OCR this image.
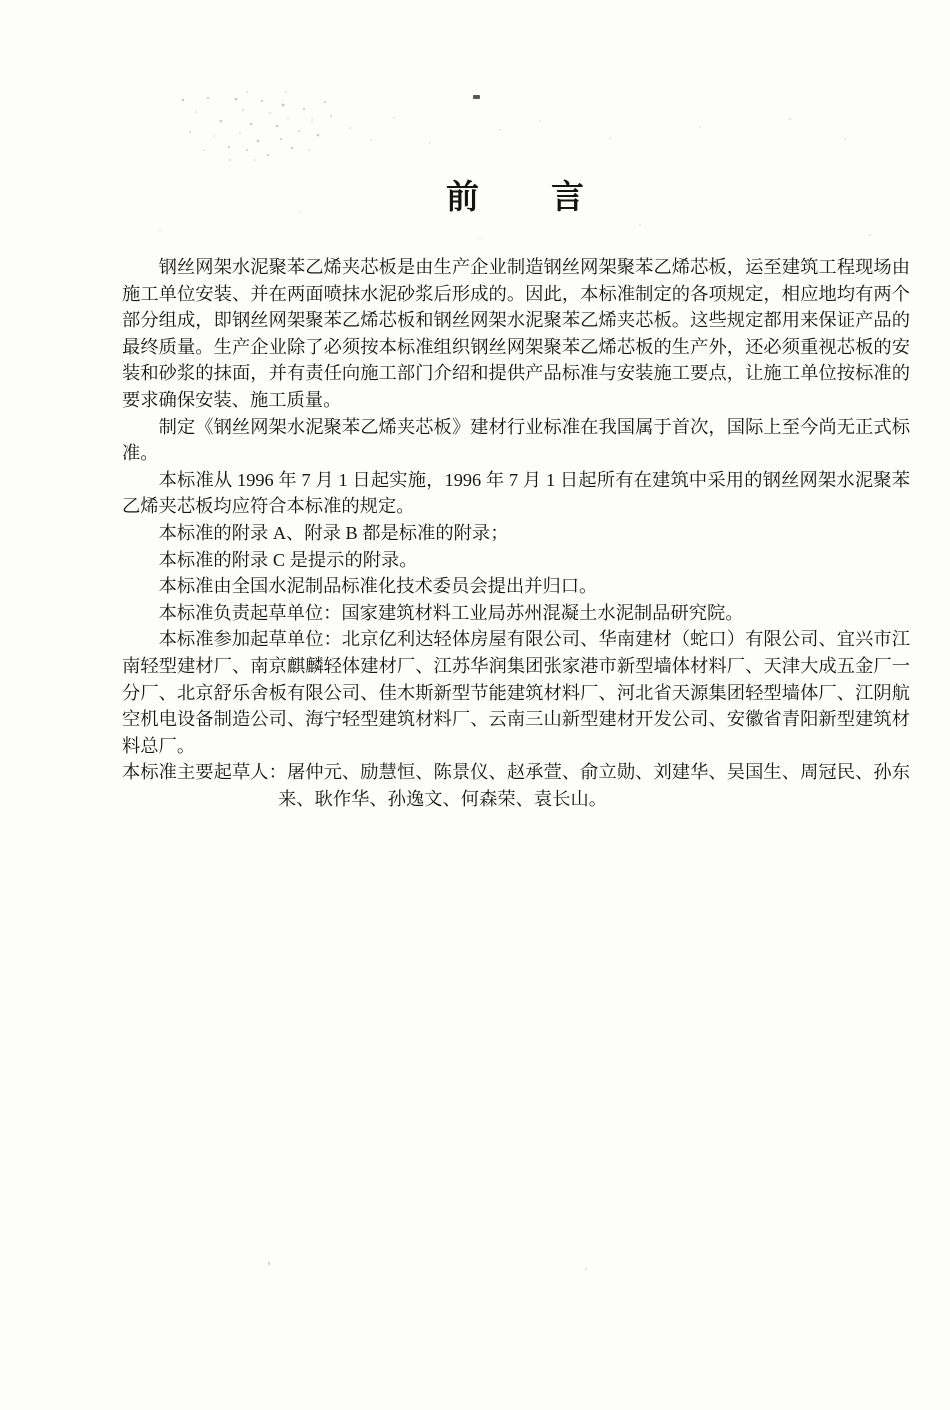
前　　言

钢丝网架水泥聚苯乙烯夹芯板是由生产企业制造钢丝网架聚苯乙烯芯板，运至建筑工程现场由施工单位安装、并在两面喷抹水泥砂浆后形成的。因此，本标准制定的各项规定，相应地均有两个部分组成，即钢丝网架聚苯乙烯芯板和钢丝网架水泥聚苯乙烯夹芯板。这些规定都用来保证产品的最终质量。生产企业除了必须按本标准组织钢丝网架聚苯乙烯芯板的生产外，还必须重视芯板的安装和砂浆的抹面，并有责任向施工部门介绍和提供产品标准与安装施工要点，让施工单位按标准的要求确保安装、施工质量。

制定《钢丝网架水泥聚苯乙烯夹芯板》建材行业标准在我国属于首次，国际上至今尚无正式标准。

本标准从 1996 年 7 月 1 日起实施，1996 年 7 月 1 日起所有在建筑中采用的钢丝网架水泥聚苯乙烯夹芯板均应符合本标准的规定。

本标准的附录 A、附录 B 都是标准的附录；

本标准的附录 C 是提示的附录。

本标准由全国水泥制品标准化技术委员会提出并归口。

本标准负责起草单位：国家建筑材料工业局苏州混凝土水泥制品研究院。

本标准参加起草单位：北京亿利达轻体房屋有限公司、华南建材（蛇口）有限公司、宜兴市江南轻型建材厂、南京麒麟轻体建材厂、江苏华润集团张家港市新型墙体材料厂、天津大成五金厂一分厂、北京舒乐舍板有限公司、佳木斯新型节能建筑材料厂、河北省天源集团轻型墙体厂、江阴航空机电设备制造公司、海宁轻型建筑材料厂、云南三山新型建材开发公司、安徽省青阳新型建筑材料总厂。

本标准主要起草人：屠仲元、励慧恒、陈景仪、赵承萱、俞立勋、刘建华、吴国生、周冠民、孙东来、耿作华、孙逸文、何森荣、袁长山。
